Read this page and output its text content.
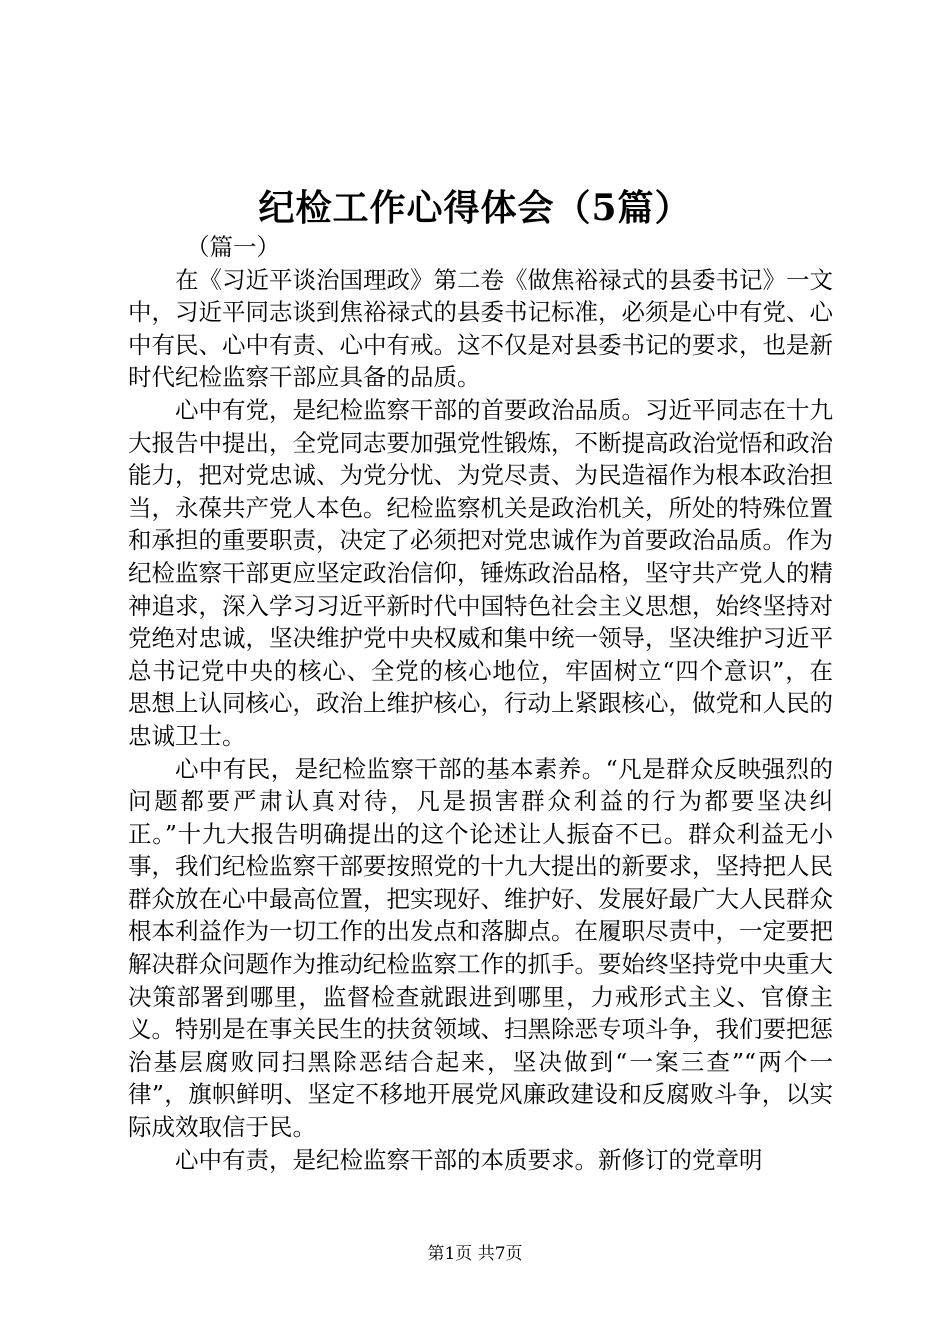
纪检工作心得体会（5篇）

（篇一）

在《习近平谈治国理政》第二卷《做焦裕禄式的县委书记》一文中，习近平同志谈到焦裕禄式的县委书记标准，必须是心中有党、心中有民、心中有责、心中有戒。这不仅是对县委书记的要求，也是新时代纪检监察干部应具备的品质。

心中有党，是纪检监察干部的首要政治品质。习近平同志在十九大报告中提出，全党同志要加强党性锻炼，不断提高政治觉悟和政治能力，把对党忠诚、为党分忧、为党尽责、为民造福作为根本政治担当，永葆共产党人本色。纪检监察机关是政治机关，所处的特殊位置和承担的重要职责，决定了必须把对党忠诚作为首要政治品质。作为纪检监察干部更应坚定政治信仰，锤炼政治品格，坚守共产党人的精神追求，深入学习习近平新时代中国特色社会主义思想，始终坚持对党绝对忠诚，坚决维护党中央权威和集中统一领导，坚决维护习近平总书记党中央的核心、全党的核心地位，牢固树立“四个意识”，在思想上认同核心，政治上维护核心，行动上紧跟核心，做党和人民的忠诚卫士。

心中有民，是纪检监察干部的基本素养。“凡是群众反映强烈的问题都要严肃认真对待，凡是损害群众利益的行为都要坚决纠正。”十九大报告明确提出的这个论述让人振奋不已。群众利益无小事，我们纪检监察干部要按照党的十九大提出的新要求，坚持把人民群众放在心中最高位置，把实现好、维护好、发展好最广大人民群众根本利益作为一切工作的出发点和落脚点。在履职尽责中，一定要把解决群众问题作为推动纪检监察工作的抓手。要始终坚持党中央重大决策部署到哪里，监督检查就跟进到哪里，力戒形式主义、官僚主义。特别是在事关民生的扶贫领域、扫黑除恶专项斗争，我们要把惩治基层腐败同扫黑除恶结合起来，坚决做到“一案三查”“两个一律”，旗帜鲜明、坚定不移地开展党风廉政建设和反腐败斗争，以实际成效取信于民。

心中有责，是纪检监察干部的本质要求。新修订的党章明

第1页 共7页
